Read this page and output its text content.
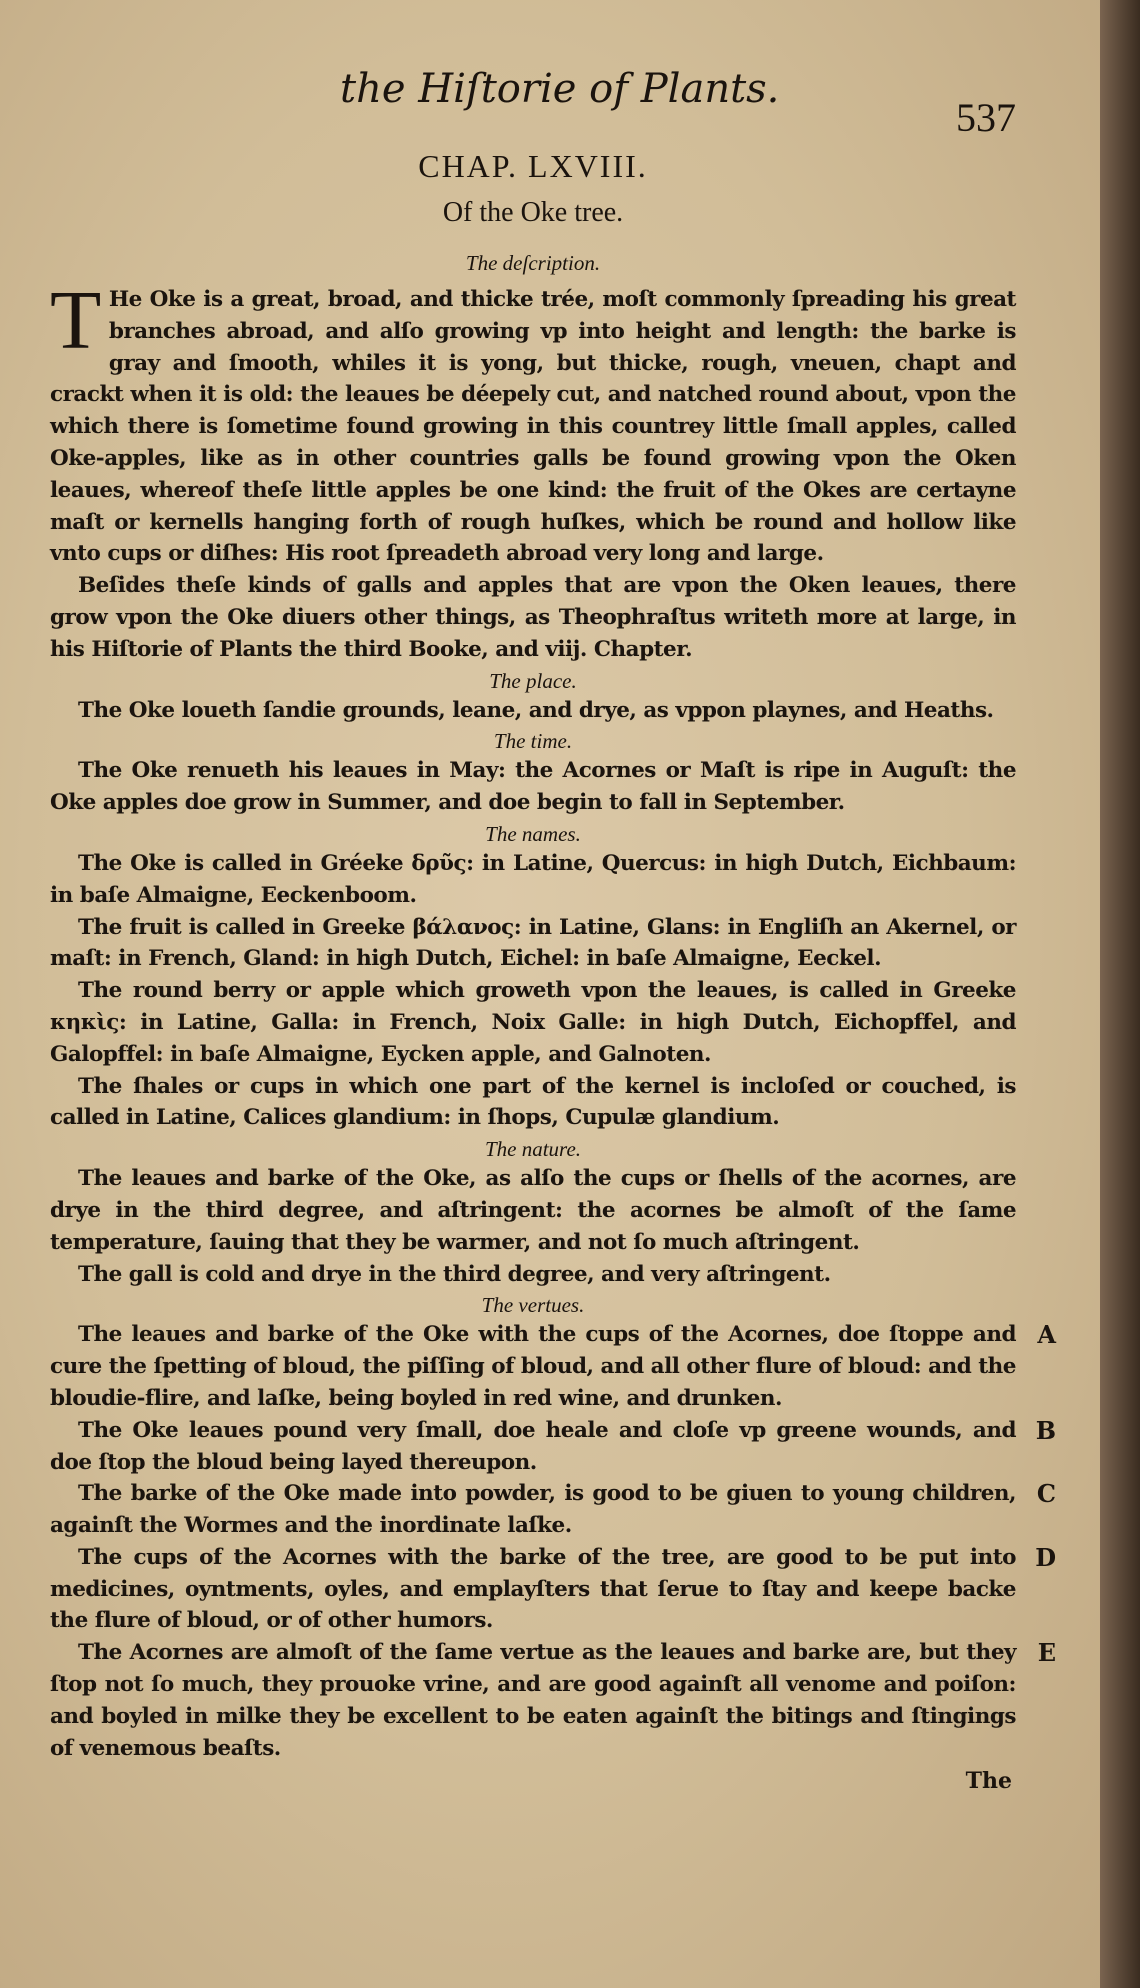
the Hiſtorie of Plants.
537
CHAP. LXVIII.
Of the Oke tree.
The deſcription.

T He Oke is a great, broad, and thicke trée, moſt commonly ſpreading his great branches abroad, and alſo growing vp into height and length: the barke is gray and ſmooth, whiles it is yong, but thicke, rough, vneuen, chapt and crackt when it is old: the leaues be déepely cut, and natched round about, vpon the which there is ſometime found growing in this countrey little ſmall apples, called Oke-apples, like as in other countries galls be found growing vpon the Oken leaues, whereof theſe little apples be one kind: the fruit of the Okes are certayne maſt or kernells hanging forth of rough huſkes, which be round and hollow like vnto cups or diſhes: His root ſpreadeth abroad very long and large.

Beſides theſe kinds of galls and apples that are vpon the Oken leaues, there grow vpon the Oke diuers other things, as Theophraſtus writeth more at large, in his Hiſtorie of Plants the third Booke, and viij. Chapter.

The place.

The Oke loueth ſandie grounds, leane, and drye, as vppon playnes, and Heaths.

The time.

The Oke renueth his leaues in May: the Acornes or Maſt is ripe in Auguſt: the Oke apples doe grow in Summer, and doe begin to fall in September.

The names.

The Oke is called in Gréeke δρῦς: in Latine, Quercus: in high Dutch, Eichbaum: in baſe Almaigne, Eeckenboom.

The fruit is called in Greeke βάλανος: in Latine, Glans: in Engliſh an Akernel, or maſt: in French, Gland: in high Dutch, Eichel: in baſe Almaigne, Eeckel.

The round berry or apple which groweth vpon the leaues, is called in Greeke κηκὶς: in Latine, Galla: in French, Noix Galle: in high Dutch, Eichopffel, and Galopffel: in baſe Almaigne, Eycken apple, and Galnoten.

The ſhales or cups in which one part of the kernel is incloſed or couched, is called in Latine, Calices glandium: in ſhops, Cupulæ glandium.

The nature.

The leaues and barke of the Oke, as alſo the cups or ſhells of the acornes, are drye in the third degree, and aſtringent: the acornes be almoſt of the ſame temperature, ſauing that they be warmer, and not ſo much aſtringent.

The gall is cold and drye in the third degree, and very aſtringent.

The vertues.

The leaues and barke of the Oke with the cups of the Acornes, doe ſtoppe and cure the ſpetting of bloud, the piſſing of bloud, and all other flure of bloud: and the bloudie-flire, and laſke, being boyled in red wine, and drunken.

A

The Oke leaues pound very ſmall, doe heale and cloſe vp greene wounds, and doe ſtop the bloud being layed thereupon.

B

The barke of the Oke made into powder, is good to be giuen to young children, againſt the Wormes and the inordinate laſke.

C

The cups of the Acornes with the barke of the tree, are good to be put into medicines, oyntments, oyles, and emplayſters that ſerue to ſtay and keepe backe the flure of bloud, or of other humors.

D

The Acornes are almoſt of the ſame vertue as the leaues and barke are, but they ſtop not ſo much, they prouoke vrine, and are good againſt all venome and poiſon: and boyled in milke they be excellent to be eaten againſt the bitings and ſtingings of venemous beaſts.

E
The
